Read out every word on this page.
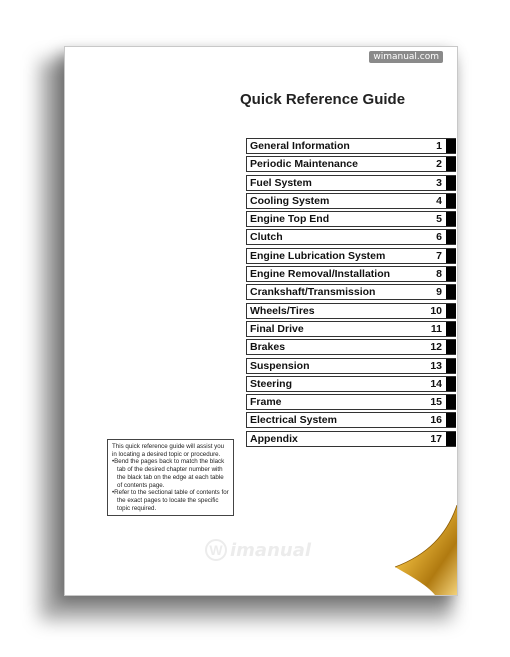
wimanual.com
Quick Reference Guide
General Information	1
Periodic Maintenance	2
Fuel System	3
Cooling System	4
Engine Top End	5
Clutch	6
Engine Lubrication System	7
Engine Removal/Installation	8
Crankshaft/Transmission	9
Wheels/Tires	10
Final Drive	11
Brakes	12
Suspension	13
Steering	14
Frame	15
Electrical System	16
Appendix	17

This quick reference guide will assist you in locating a desired topic or procedure.

•Bend the pages back to match the black tab of the desired chapter number with the black tab on the edge at each table of contents page.

•Refer to the sectional table of contents for the exact pages to locate the specific topic required.

W imanual
